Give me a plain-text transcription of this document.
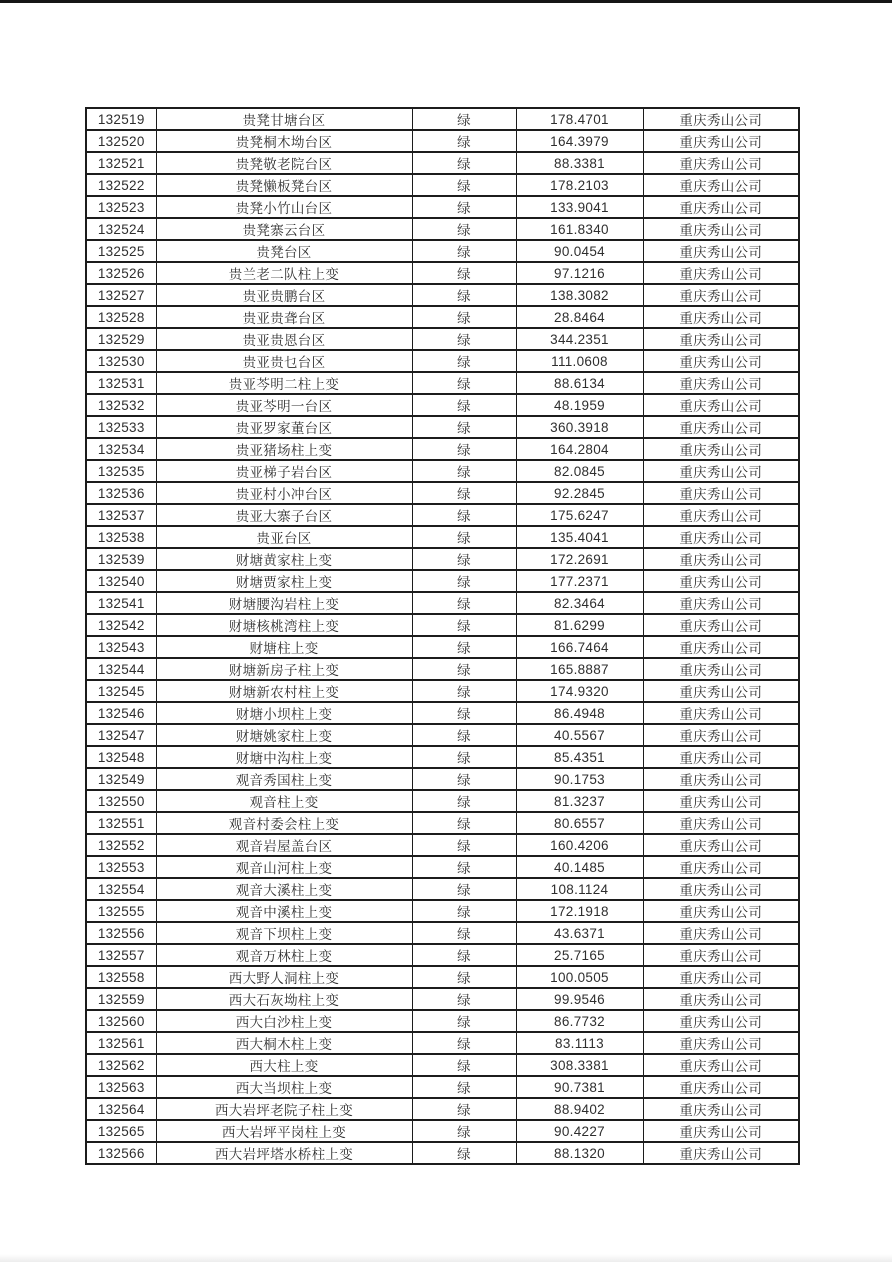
132519	贵凳甘塘台区	绿	178.4701	重庆秀山公司
132520	贵凳桐木坳台区	绿	164.3979	重庆秀山公司
132521	贵凳敬老院台区	绿	88.3381	重庆秀山公司
132522	贵凳懒板凳台区	绿	178.2103	重庆秀山公司
132523	贵凳小竹山台区	绿	133.9041	重庆秀山公司
132524	贵凳寨云台区	绿	161.8340	重庆秀山公司
132525	贵凳台区	绿	90.0454	重庆秀山公司
132526	贵兰老二队柱上变	绿	97.1216	重庆秀山公司
132527	贵亚贵鹏台区	绿	138.3082	重庆秀山公司
132528	贵亚贵聋台区	绿	28.8464	重庆秀山公司
132529	贵亚贵恩台区	绿	344.2351	重庆秀山公司
132530	贵亚贵乜台区	绿	111.0608	重庆秀山公司
132531	贵亚芩明二柱上变	绿	88.6134	重庆秀山公司
132532	贵亚芩明一台区	绿	48.1959	重庆秀山公司
132533	贵亚罗家董台区	绿	360.3918	重庆秀山公司
132534	贵亚猪场柱上变	绿	164.2804	重庆秀山公司
132535	贵亚梯子岩台区	绿	82.0845	重庆秀山公司
132536	贵亚村小冲台区	绿	92.2845	重庆秀山公司
132537	贵亚大寨子台区	绿	175.6247	重庆秀山公司
132538	贵亚台区	绿	135.4041	重庆秀山公司
132539	财塘黄家柱上变	绿	172.2691	重庆秀山公司
132540	财塘贾家柱上变	绿	177.2371	重庆秀山公司
132541	财塘腰沟岩柱上变	绿	82.3464	重庆秀山公司
132542	财塘核桃湾柱上变	绿	81.6299	重庆秀山公司
132543	财塘柱上变	绿	166.7464	重庆秀山公司
132544	财塘新房子柱上变	绿	165.8887	重庆秀山公司
132545	财塘新农村柱上变	绿	174.9320	重庆秀山公司
132546	财塘小坝柱上变	绿	86.4948	重庆秀山公司
132547	财塘姚家柱上变	绿	40.5567	重庆秀山公司
132548	财塘中沟柱上变	绿	85.4351	重庆秀山公司
132549	观音秀国柱上变	绿	90.1753	重庆秀山公司
132550	观音柱上变	绿	81.3237	重庆秀山公司
132551	观音村委会柱上变	绿	80.6557	重庆秀山公司
132552	观音岩屋盖台区	绿	160.4206	重庆秀山公司
132553	观音山河柱上变	绿	40.1485	重庆秀山公司
132554	观音大溪柱上变	绿	108.1124	重庆秀山公司
132555	观音中溪柱上变	绿	172.1918	重庆秀山公司
132556	观音下坝柱上变	绿	43.6371	重庆秀山公司
132557	观音万林柱上变	绿	25.7165	重庆秀山公司
132558	西大野人洞柱上变	绿	100.0505	重庆秀山公司
132559	西大石灰坳柱上变	绿	99.9546	重庆秀山公司
132560	西大白沙柱上变	绿	86.7732	重庆秀山公司
132561	西大桐木柱上变	绿	83.1113	重庆秀山公司
132562	西大柱上变	绿	308.3381	重庆秀山公司
132563	西大当坝柱上变	绿	90.7381	重庆秀山公司
132564	西大岩坪老院子柱上变	绿	88.9402	重庆秀山公司
132565	西大岩坪平岗柱上变	绿	90.4227	重庆秀山公司
132566	西大岩坪塔水桥柱上变	绿	88.1320	重庆秀山公司
